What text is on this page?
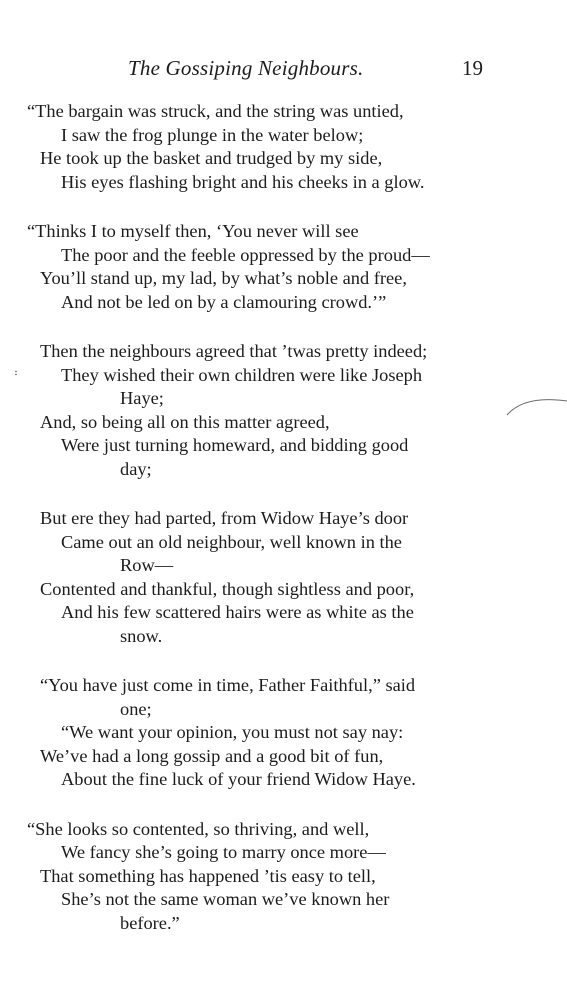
The Gossiping Neighbours.	19
“The bargain was struck, and the string was untied,
I saw the frog plunge in the water below;
He took up the basket and trudged by my side,
His eyes flashing bright and his cheeks in a glow.
“Thinks I to myself then, ‘You never will see
The poor and the feeble oppressed by the proud—
You’ll stand up, my lad, by what’s noble and free,
And not be led on by a clamouring crowd.’”
Then the neighbours agreed that ’twas pretty indeed;
They wished their own children were like Joseph
Haye;
And, so being all on this matter agreed,
Were just turning homeward, and bidding good
day;
But ere they had parted, from Widow Haye’s door
Came out an old neighbour, well known in the
Row—
Contented and thankful, though sightless and poor,
And his few scattered hairs were as white as the
snow.
“You have just come in time, Father Faithful,” said
one;
“We want your opinion, you must not say nay:
We’ve had a long gossip and a good bit of fun,
About the fine luck of your friend Widow Haye.
“She looks so contented, so thriving, and well,
We fancy she’s going to marry once more—
That something has happened ’tis easy to tell,
She’s not the same woman we’ve known her
before.”
